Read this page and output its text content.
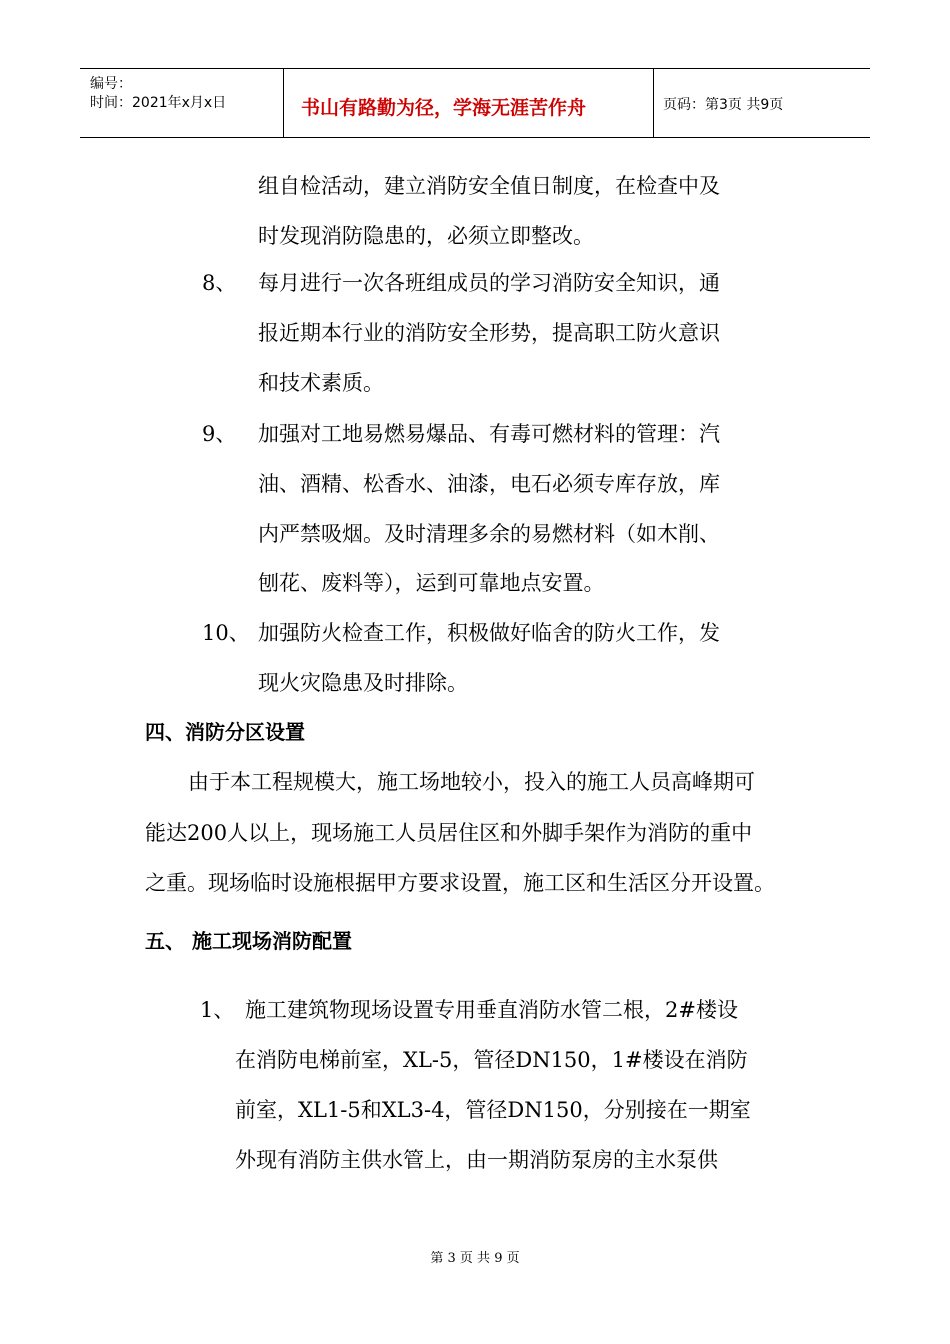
编号：
时间：2021年x月x日	书山有路勤为径，学海无涯苦作舟	页码：第3页 共9页
组自检活动，建立消防安全值日制度，在检查中及
时发现消防隐患的，必须立即整改。
8、 每月进行一次各班组成员的学习消防安全知识，通
报近期本行业的消防安全形势，提高职工防火意识
和技术素质。
9、 加强对工地易燃易爆品、有毒可燃材料的管理：汽
油、酒精、松香水、油漆，电石必须专库存放，库
内严禁吸烟。及时清理多余的易燃材料（如木削、
刨花、废料等），运到可靠地点安置。
10、 加强防火检查工作，积极做好临舍的防火工作，发
现火灾隐患及时排除。
四、消防分区设置
由于本工程规模大，施工场地较小，投入的施工人员高峰期可
能达200人以上，现场施工人员居住区和外脚手架作为消防的重中
之重。现场临时设施根据甲方要求设置，施工区和生活区分开设置。
五、 施工现场消防配置
1、 施工建筑物现场设置专用垂直消防水管二根，2#楼设
在消防电梯前室，XL-5，管径DN150，1#楼设在消防
前室，XL1-5和XL3-4，管径DN150，分别接在一期室
外现有消防主供水管上，由一期消防泵房的主水泵供
第 3 页 共 9 页
